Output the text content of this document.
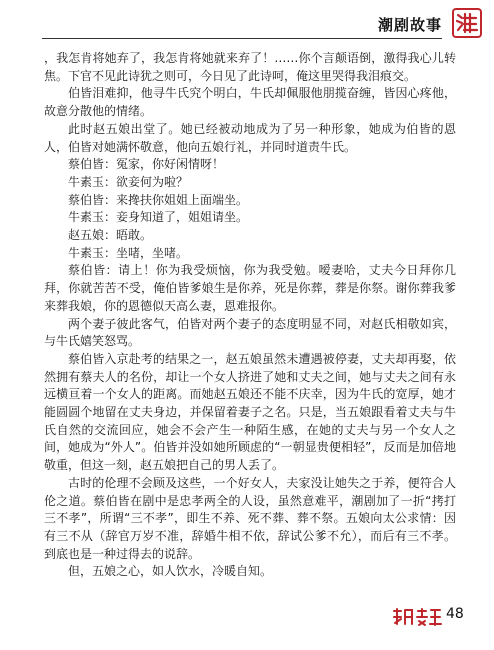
潮剧故事

，我怎肯将她弃了，我怎肯将她就来弃了！……你个言颠语倒，激得我心儿转焦。下官不见此诗犹之则可，今日见了此诗呵，俺这里哭得我泪痕交。

伯皆泪难抑，他寻牛氏究个明白，牛氏却佩服他朋揽奋缠，皆因心疼他，故意分散他的情绪。

此时赵五娘出堂了。她已经被动地成为了另一种形象，她成为伯皆的恩人，伯皆对她满怀敬意，他向五娘行礼，并同时道责牛氏。

蔡伯皆：冤家，你好闲情呀！

牛素玉：欲妾何为啦？

蔡伯皆：来搀扶你姐姐上面端坐。

牛素玉：妾身知道了，姐姐请坐。

赵五娘：晤敢。

牛素玉：坐啫，坐啫。

蔡伯皆：请上！你为我受烦恼，你为我受勉。嗳妻哈，丈夫今日拜你几拜，你就苦苦不受，俺伯皆爹娘生是你养，死是你葬，葬是你祭。谢你葬我爹来葬我娘，你的恩德似天高么妻，恩难报你。

两个妻子彼此客气，伯皆对两个妻子的态度明显不同，对赵氏相敬如宾，与牛氏嬉笑怒骂。

蔡伯皆入京赴考的结果之一，赵五娘虽然未遭遇被停妻，丈夫却再娶，依然拥有蔡夫人的名份，却让一个女人挤进了她和丈夫之间，她与丈夫之间有永远横亘着一个女人的距离。而她赵五娘还不能不庆幸，因为牛氏的宽厚，她才能圆圆个地留在丈夫身边，并保留着妻子之名。只是，当五娘跟看着丈夫与牛氏自然的交流回应，她会不会产生一种陌生感，在她的丈夫与另一个女人之间，她成为“外人”。伯皆并没如她所顾虑的“一朝显贵便相轻”，反而是加倍地敬重，但这一刻，赵五娘把自己的男人丢了。

古时的伦理不会顾及这些，一个好女人，夫家没让她失之于养，便符合人伦之道。蔡伯皆在剧中是忠孝两全的人设，虽然意难平，潮剧加了一折“拷打三不孝”，所谓“三不孝”，即生不养、死不葬、葬不祭。五娘向太公求情：因有三不从（辞官万岁不准，辞婚牛相不依，辞试公爹不允），而后有三不孝。到底也是一种过得去的说辞。

但，五娘之心，如人饮水，冷暖自知。

48
